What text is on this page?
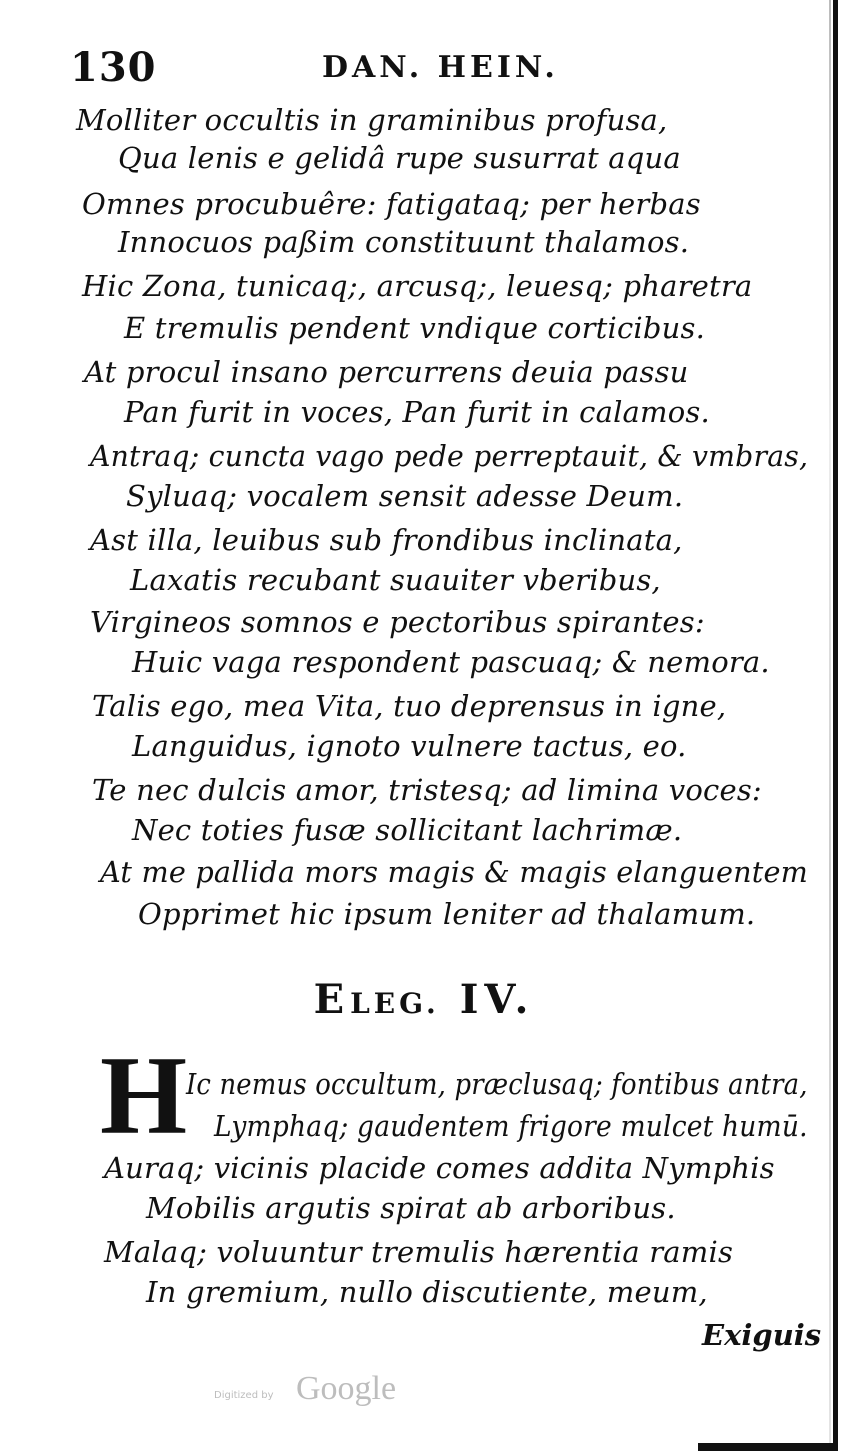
130	DAN. HEIN.
Molliter occultis in graminibus profusa,
Qua lenis e gelidâ rupe susurrat aqua
Omnes procubuêre: fatigataq; per herbas
Innocuos paßim constituunt thalamos.
Hic Zona, tunicaq;, arcusq;, leuesq; pharetra
E tremulis pendent vndique corticibus.
At procul insano percurrens deuia passu
Pan furit in voces, Pan furit in calamos.
Antraq; cuncta vago pede perreptauit, & vmbras,
Syluaq; vocalem sensit adesse Deum.
Ast illa, leuibus sub frondibus inclinata,
Laxatis recubant suauiter vberibus,
Virgineos somnos e pectoribus spirantes:
Huic vaga respondent pascuaq; & nemora.
Talis ego, mea Vita, tuo deprensus in igne,
Languidus, ignoto vulnere tactus, eo.
Te nec dulcis amor, tristesq; ad limina voces:
Nec toties fusæ sollicitant lachrimæ.
At me pallida mors magis & magis elanguentem
Opprimet hic ipsum leniter ad thalamum.
ELEG. IV.
H
Ic nemus occultum, præclusaq; fontibus antra,
Lymphaq; gaudentem frigore mulcet humū.
Auraq; vicinis placide comes addita Nymphis
Mobilis argutis spirat ab arboribus.
Malaq; voluuntur tremulis hærentia ramis
In gremium, nullo discutiente, meum,
Exiguis
Digitized by Google
